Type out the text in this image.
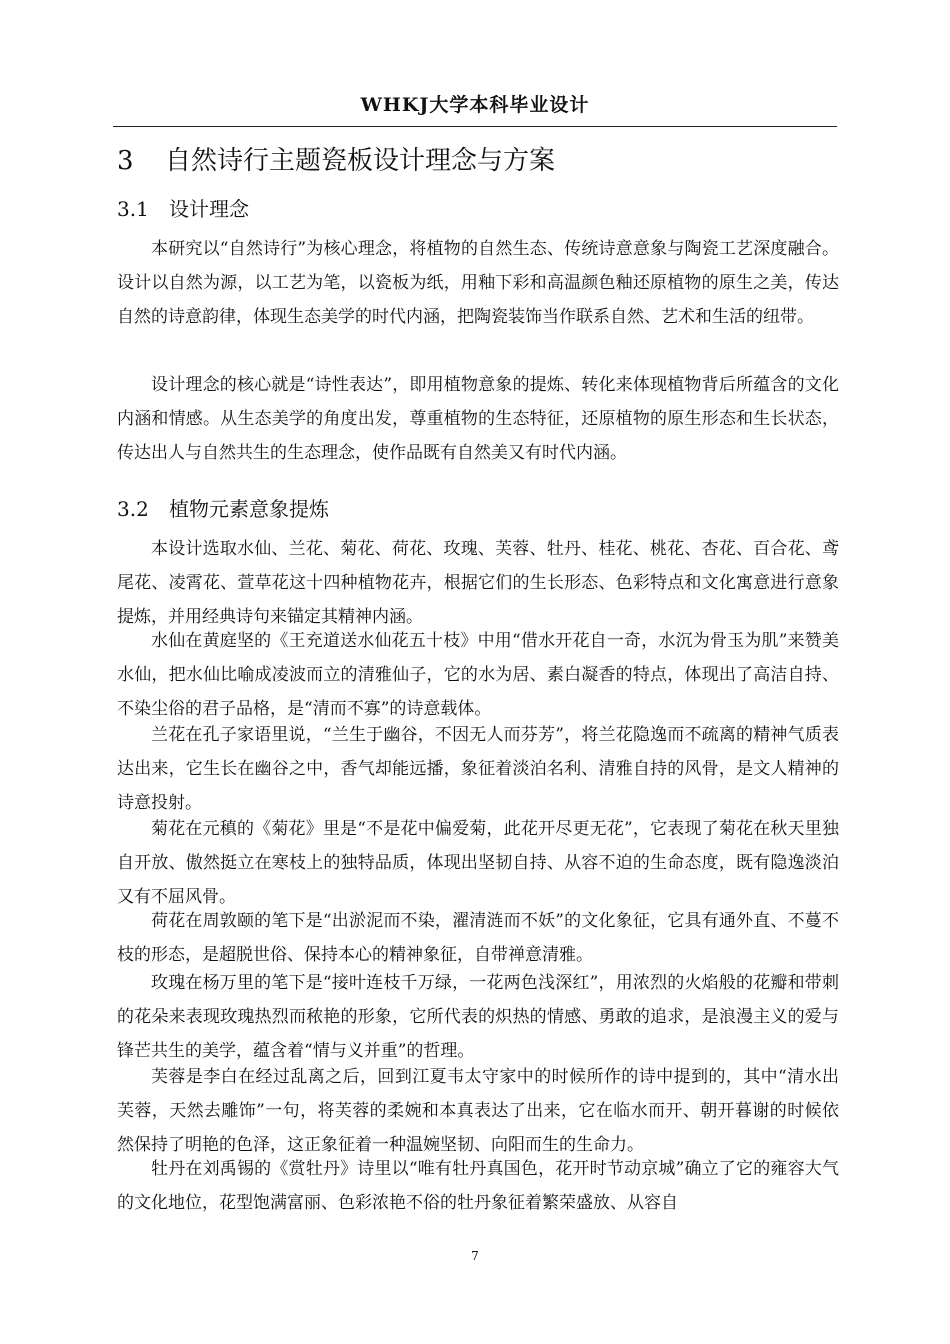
WHKJ大学本科毕业设计
3 自然诗行主题瓷板设计理念与方案
3.1 设计理念

本研究以“自然诗行”为核心理念，将植物的自然生态、传统诗意意象与陶瓷工艺深度融合。设计以自然为源，以工艺为笔，以瓷板为纸，用釉下彩和高温颜色釉还原植物的原生之美，传达自然的诗意韵律，体现生态美学的时代内涵，把陶瓷装饰当作联系自然、艺术和生活的纽带。

设计理念的核心就是“诗性表达”，即用植物意象的提炼、转化来体现植物背后所蕴含的文化内涵和情感。从生态美学的角度出发，尊重植物的生态特征，还原植物的原生形态和生长状态，传达出人与自然共生的生态理念，使作品既有自然美又有时代内涵。

3.2 植物元素意象提炼

本设计选取水仙、兰花、菊花、荷花、玫瑰、芙蓉、牡丹、桂花、桃花、杏花、百合花、鸢尾花、凌霄花、萱草花这十四种植物花卉，根据它们的生长形态、色彩特点和文化寓意进行意象提炼，并用经典诗句来锚定其精神内涵。

水仙在黄庭坚的《王充道送水仙花五十枝》中用“借水开花自一奇，水沉为骨玉为肌”来赞美水仙，把水仙比喻成凌波而立的清雅仙子，它的水为居、素白凝香的特点，体现出了高洁自持、不染尘俗的君子品格，是“清而不寡”的诗意载体。

兰花在孔子家语里说，“兰生于幽谷，不因无人而芬芳”，将兰花隐逸而不疏离的精神气质表达出来，它生长在幽谷之中，香气却能远播，象征着淡泊名利、清雅自持的风骨，是文人精神的诗意投射。

菊花在元稹的《菊花》里是“不是花中偏爱菊，此花开尽更无花”，它表现了菊花在秋天里独自开放、傲然挺立在寒枝上的独特品质，体现出坚韧自持、从容不迫的生命态度，既有隐逸淡泊又有不屈风骨。

荷花在周敦颐的笔下是“出淤泥而不染，濯清涟而不妖”的文化象征，它具有通外直、不蔓不枝的形态，是超脱世俗、保持本心的精神象征，自带禅意清雅。

玫瑰在杨万里的笔下是“接叶连枝千万绿，一花两色浅深红”，用浓烈的火焰般的花瓣和带刺的花朵来表现玫瑰热烈而秾艳的形象，它所代表的炽热的情感、勇敢的追求，是浪漫主义的爱与锋芒共生的美学，蕴含着“情与义并重”的哲理。

芙蓉是李白在经过乱离之后，回到江夏韦太守家中的时候所作的诗中提到的，其中“清水出芙蓉，天然去雕饰”一句，将芙蓉的柔婉和本真表达了出来，它在临水而开、朝开暮谢的时候依然保持了明艳的色泽，这正象征着一种温婉坚韧、向阳而生的生命力。

牡丹在刘禹锡的《赏牡丹》诗里以“唯有牡丹真国色，花开时节动京城”确立了它的雍容大气的文化地位，花型饱满富丽、色彩浓艳不俗的牡丹象征着繁荣盛放、从容自

7
